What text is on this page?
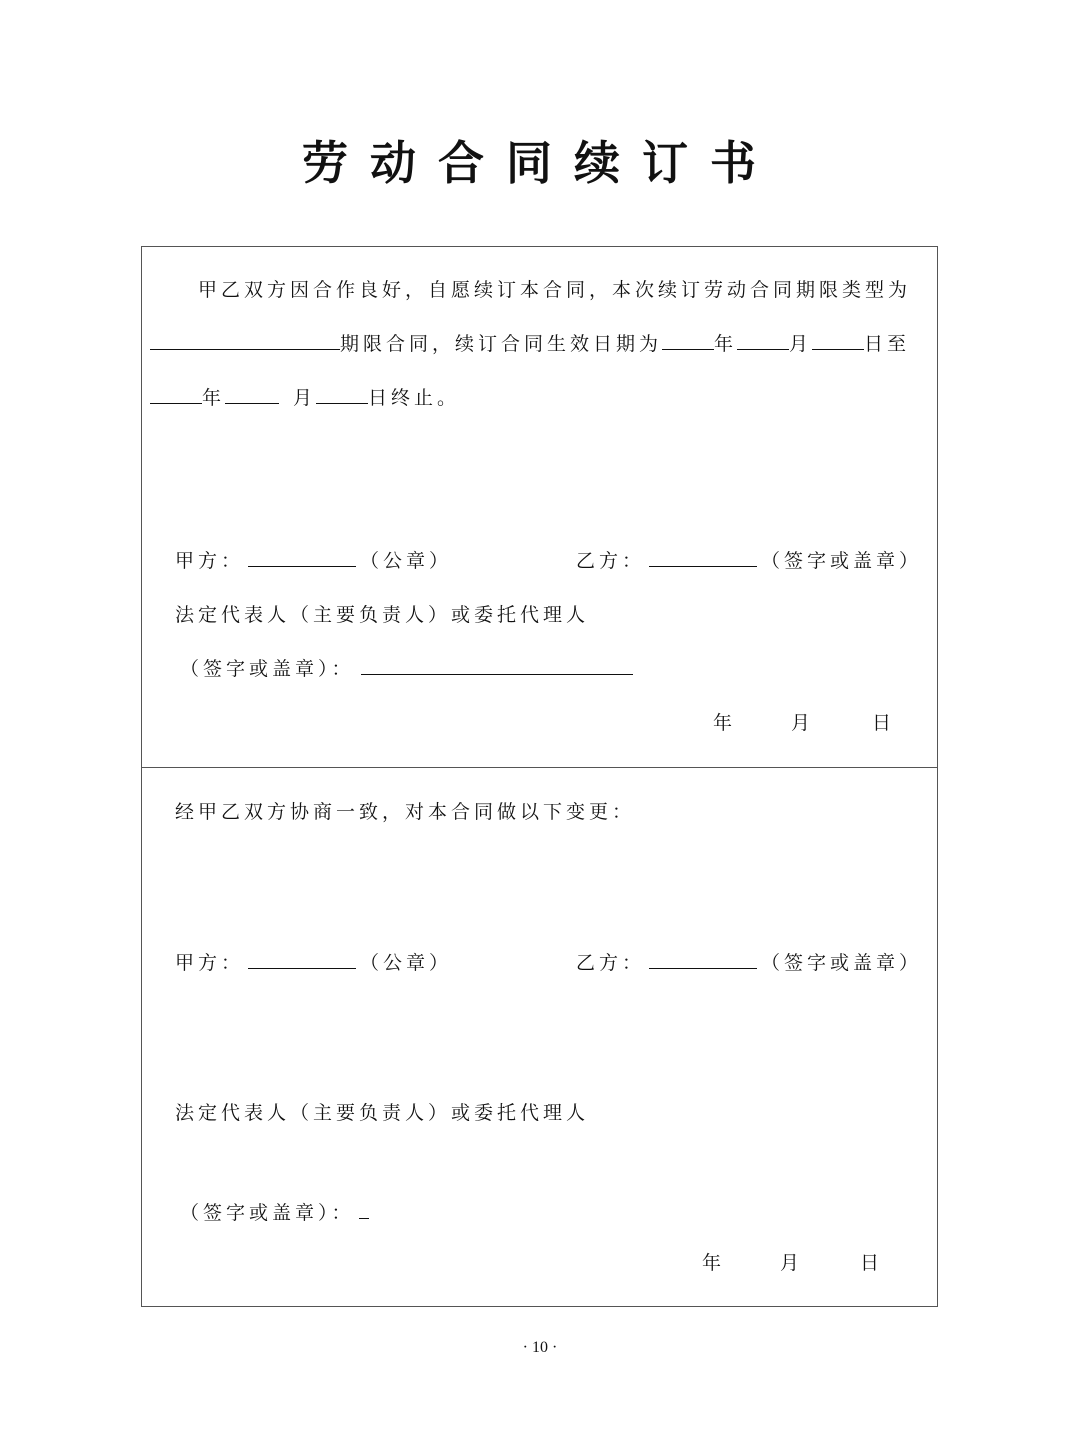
劳动合同续订书
甲乙双方因合作良好，自愿续订本合同，本次续订劳动合同期限类型为
期限合同，续订合同生效日期为	年	月	日至
年	月	日终止。
甲方：	（公章）	乙方：	（签字或盖章）
法定代表人（主要负责人）或委托代理人
（签字或盖章）：
年	月	日
经甲乙双方协商一致，对本合同做以下变更：
甲方：	（公章）	乙方：	（签字或盖章）
法定代表人（主要负责人）或委托代理人
（签字或盖章）：
年	月	日
· 10 ·
